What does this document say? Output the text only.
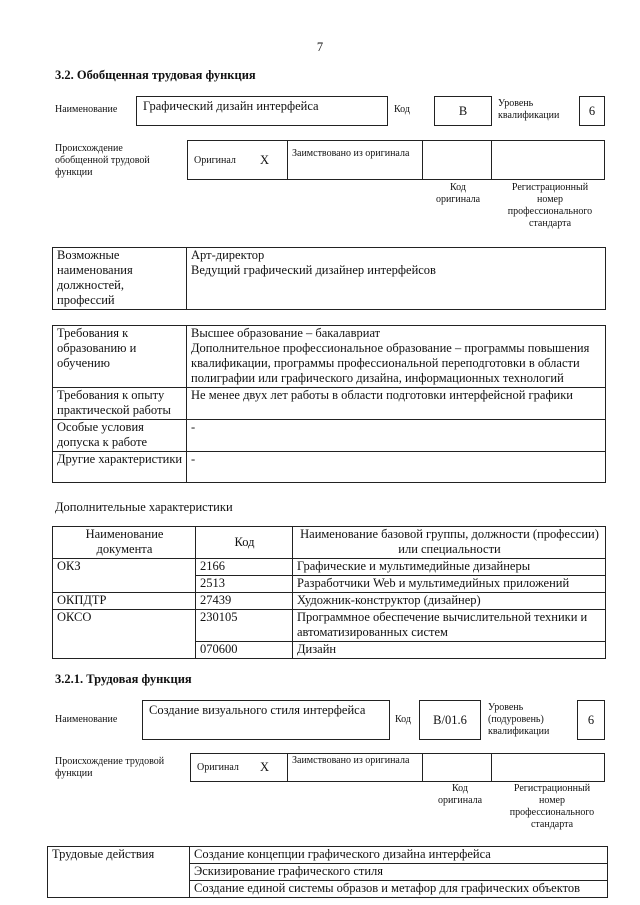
7
3.2. Обобщенная трудовая функция
Наименование	Графический дизайн интерфейса	Код	B
Уровень квалификации	6
Происхождение обобщенной трудовой функции
Оригинал X Заимствовано из оригинала
Код оригинала
Регистрационный номер профессионального стандарта
Возможные наименования должностей, профессий	Арт-директор
Ведущий графический дизайнер интерфейсов
Требования к образованию и обучению	Высшее образование – бакалавриат
Дополнительное профессиональное образование – программы повышения квалификации, программы профессиональной переподготовки в области полиграфии или графического дизайна, информационных технологий
Требования к опыту практической работы	Не менее двух лет работы в области подготовки интерфейсной графики
Особые условия допуска к работе	-
Другие характеристики	-
Дополнительные характеристики
Наименование документа	Код	Наименование базовой группы, должности (профессии) или специальности
ОКЗ	2166	Графические и мультимедийные дизайнеры
	2513	Разработчики Web и мультимедийных приложений
ОКПДТР	27439	Художник-конструктор (дизайнер)
ОКСО	230105	Программное обеспечение вычислительной техники и автоматизированных систем
	070600	Дизайн
3.2.1. Трудовая функция
Наименование
Создание визуального стиля интерфейса
Код	B/01.6
Уровень (подуровень) квалификации
6
Происхождение трудовой функции
Оригинал X Заимствовано из оригинала
Код оригинала
Регистрационный номер профессионального стандарта
Трудовые действия	Создание концепции графического дизайна интерфейса
Эскизирование графического стиля
Создание единой системы образов и метафор для графических объектов
